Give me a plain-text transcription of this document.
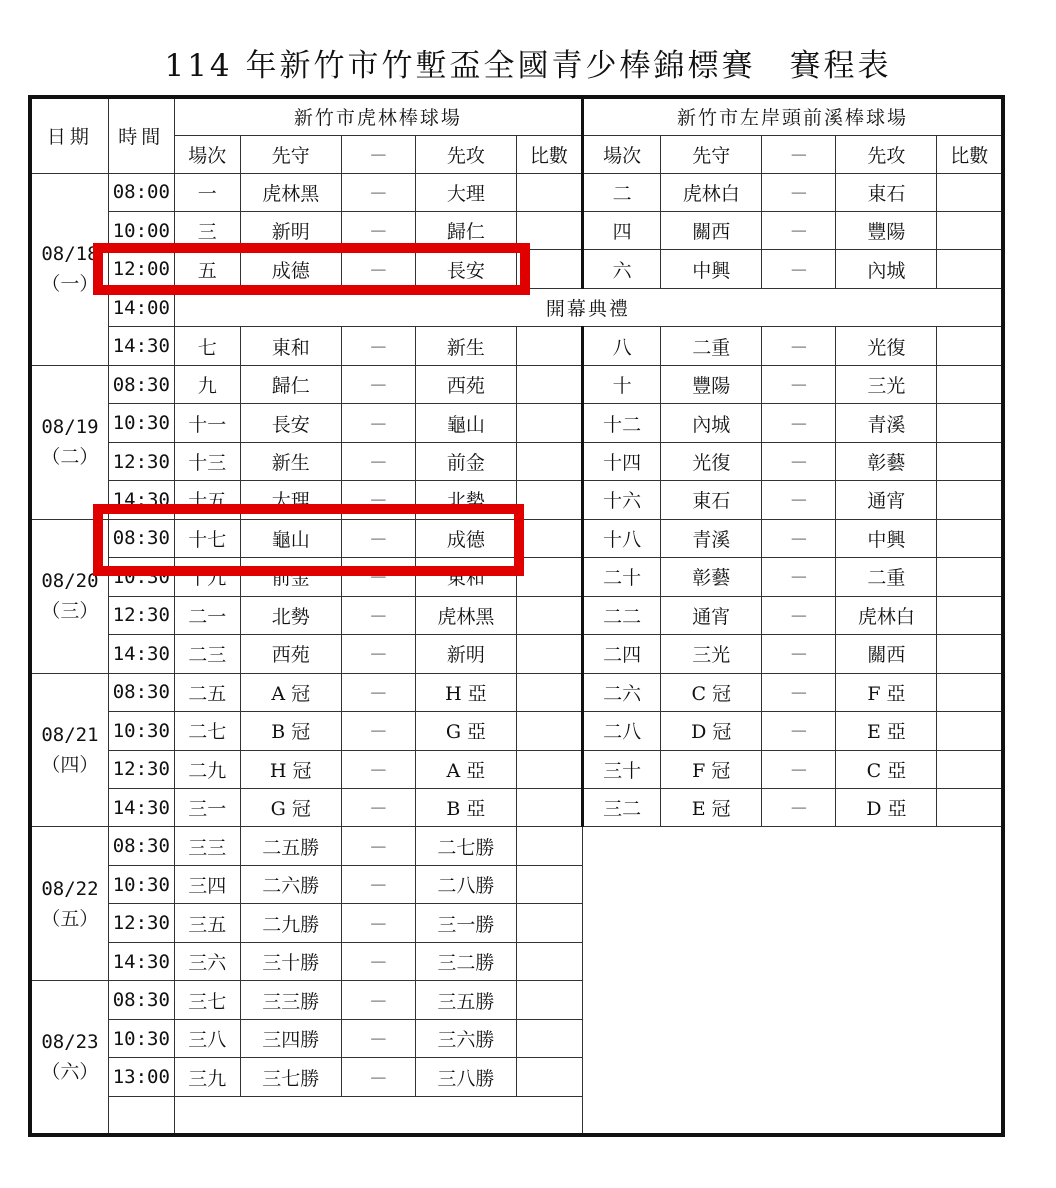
114 年新竹市竹塹盃全國青少棒錦標賽　賽程表
日期	時間	新竹市虎林棒球場					新竹市左岸頭前溪棒球場				
		場次	先守	－	先攻	比數	場次	先守	－	先攻	比數
08/18
（一）	08:00	一	虎林黑	－	大理		二	虎林白	－	東石	
	10:00	三	新明	－	歸仁		四	關西	－	豐陽	
	12:00	五	成德	－	長安		六	中興	－	內城	
	14:00	開幕典禮									
	14:30	七	東和	－	新生		八	二重	－	光復	
08/19
（二）	08:30	九	歸仁	－	西苑		十	豐陽	－	三光	
	10:30	十一	長安	－	龜山		十二	內城	－	青溪	
	12:30	十三	新生	－	前金		十四	光復	－	彰藝	
	14:30	十五	大理	－	北勢		十六	東石	－	通宵	
08/20
（三）	08:30	十七	龜山	－	成德		十八	青溪	－	中興	
	10:30	十九	前金	－	東和		二十	彰藝	－	二重	
	12:30	二一	北勢	－	虎林黑		二二	通宵	－	虎林白	
	14:30	二三	西苑	－	新明		二四	三光	－	關西	
08/21
（四）	08:30	二五	A 冠	－	H 亞		二六	C 冠	－	F 亞	
	10:30	二七	B 冠	－	G 亞		二八	D 冠	－	E 亞	
	12:30	二九	H 冠	－	A 亞		三十	F 冠	－	C 亞	
	14:30	三一	G 冠	－	B 亞		三二	E 冠	－	D 亞	
08/22
（五）	08:30	三三	二五勝	－	二七勝						
	10:30	三四	二六勝	－	二八勝						
	12:30	三五	二九勝	－	三一勝						
	14:30	三六	三十勝	－	三二勝						
08/23
（六）	08:30	三七	三三勝	－	三五勝						
	10:30	三八	三四勝	－	三六勝						
	13:00	三九	三七勝	－	三八勝						
